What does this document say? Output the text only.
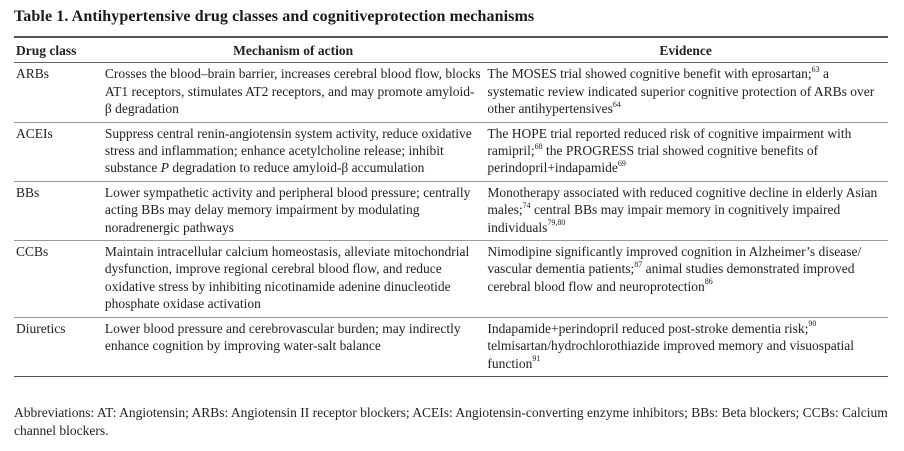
Table 1. Antihypertensive drug classes and cognitiveprotection mechanisms
Drug class	Mechanism of action	Evidence
ARBs	Crosses the blood–brain barrier, increases cerebral blood flow, blocks AT1 receptors, stimulates AT2 receptors, and may promote amyloid-β degradation	The MOSES trial showed cognitive benefit with eprosartan;$^{63}$ a systematic review indicated superior cognitive protection of ARBs over other antihypertensives$^{64}$
ACEIs	Suppress central renin-angiotensin system activity, reduce oxidative stress and inflammation; enhance acetylcholine release; inhibit substance P degradation to reduce amyloid-β accumulation	The HOPE trial reported reduced risk of cognitive impairment with ramipril;$^{68}$ the PROGRESS trial showed cognitive benefits of perindopril+indapamide$^{69}$
BBs	Lower sympathetic activity and peripheral blood pressure; centrally acting BBs may delay memory impairment by modulating noradrenergic pathways	Monotherapy associated with reduced cognitive decline in elderly Asian males;$^{74}$ central BBs may impair memory in cognitively impaired individuals$^{79,80}$
CCBs	Maintain intracellular calcium homeostasis, alleviate mitochondrial dysfunction, improve regional cerebral blood flow, and reduce oxidative stress by inhibiting nicotinamide adenine dinucleotide phosphate oxidase activation	Nimodipine significantly improved cognition in Alzheimer’s disease/ vascular dementia patients;$^{87}$ animal studies demonstrated improved cerebral blood flow and neuroprotection$^{86}$
Diuretics	Lower blood pressure and cerebrovascular burden; may indirectly enhance cognition by improving water-salt balance	Indapamide+perindopril reduced post-stroke dementia risk;$^{90}$ telmisartan/hydrochlorothiazide improved memory and visuospatial function$^{91}$
Abbreviations: AT: Angiotensin; ARBs: Angiotensin II receptor blockers; ACEIs: Angiotensin-converting enzyme inhibitors; BBs: Beta blockers; CCBs: Calcium channel blockers.
